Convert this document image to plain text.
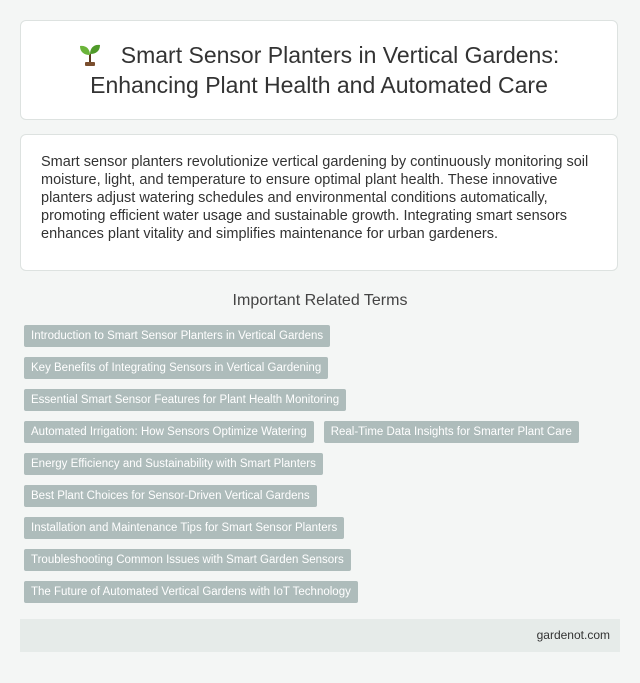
Smart Sensor Planters in Vertical Gardens: Enhancing Plant Health and Automated Care

Smart sensor planters revolutionize vertical gardening by continuously monitoring soil moisture, light, and temperature to ensure optimal plant health. These innovative planters adjust watering schedules and environmental conditions automatically, promoting efficient water usage and sustainable growth. Integrating smart sensors enhances plant vitality and simplifies maintenance for urban gardeners.

Important Related Terms
Introduction to Smart Sensor Planters in Vertical Gardens
Key Benefits of Integrating Sensors in Vertical Gardening
Essential Smart Sensor Features for Plant Health Monitoring
Automated Irrigation: How Sensors Optimize Watering	Real-Time Data Insights for Smarter Plant Care
Energy Efficiency and Sustainability with Smart Planters
Best Plant Choices for Sensor-Driven Vertical Gardens
Installation and Maintenance Tips for Smart Sensor Planters
Troubleshooting Common Issues with Smart Garden Sensors
The Future of Automated Vertical Gardens with IoT Technology
gardenot.com
